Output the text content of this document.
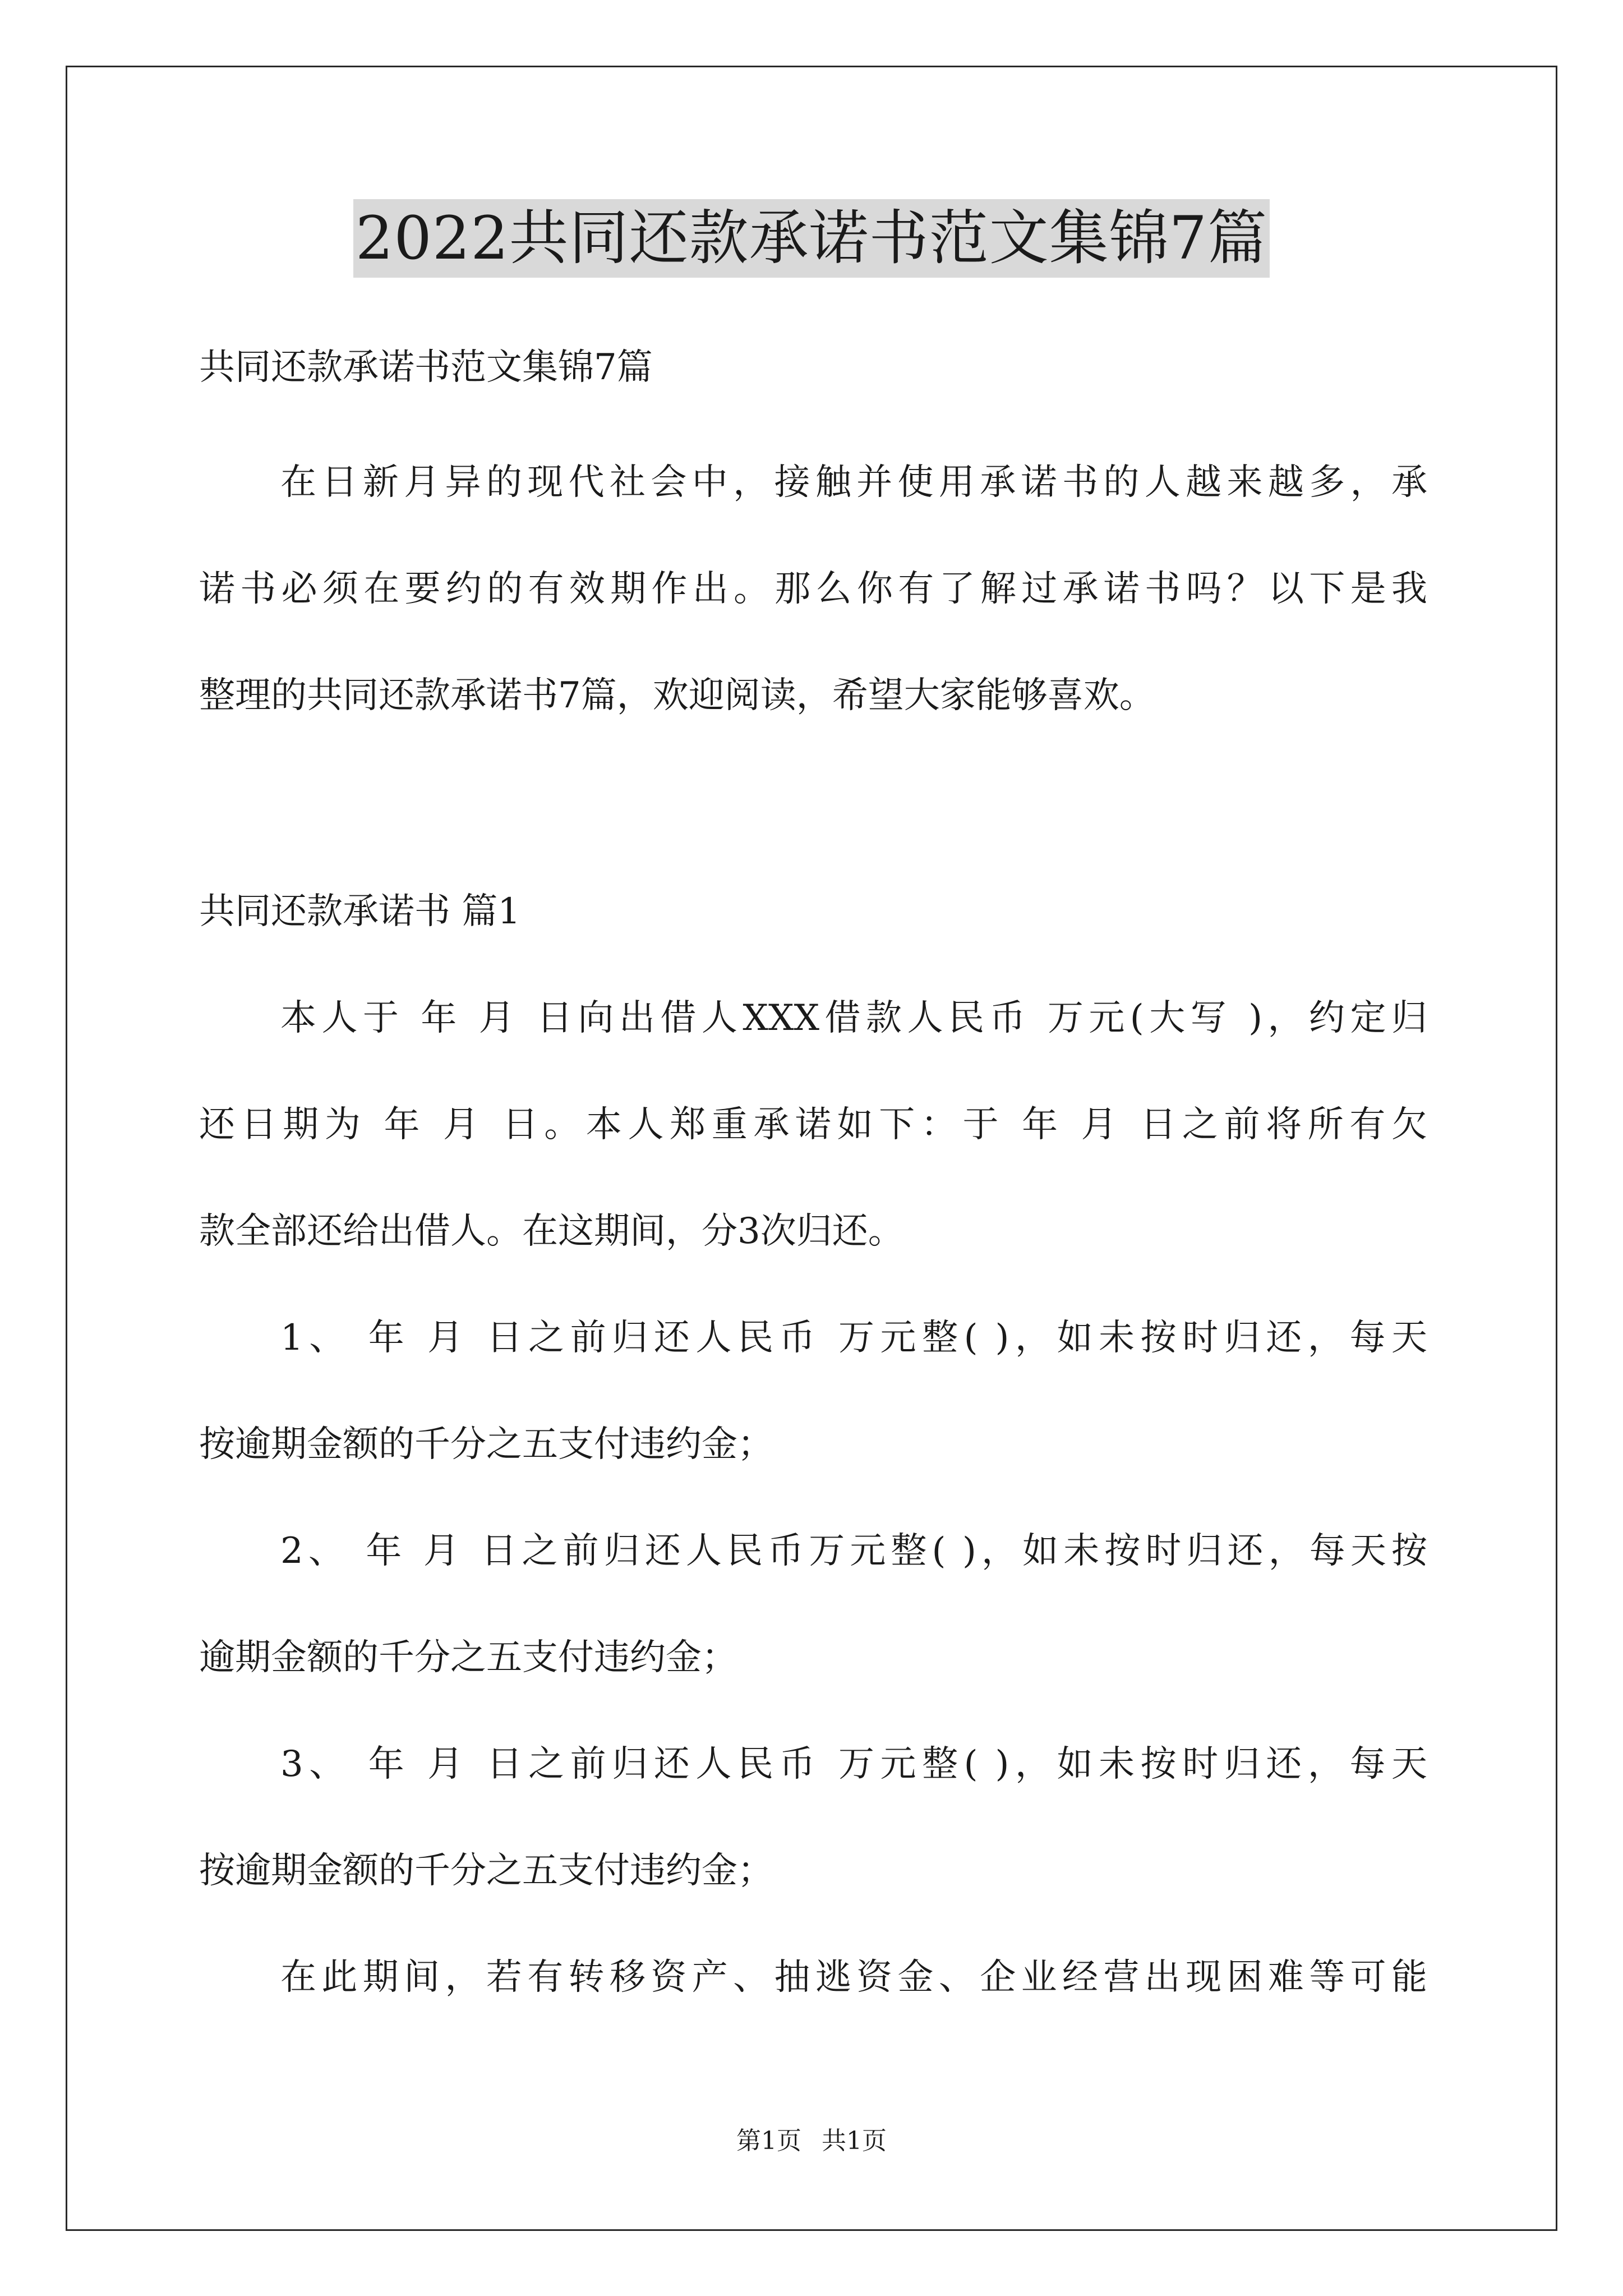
2022共同还款承诺书范文集锦7篇
共同还款承诺书范文集锦7篇
在日新月异的现代社会中，接触并使用承诺书的人越来越多，承
诺书必须在要约的有效期作出。那么你有了解过承诺书吗？以下是我
整理的共同还款承诺书7篇，欢迎阅读，希望大家能够喜欢。
共同还款承诺书 篇1
本人于 年 月 日向出借人XXX借款人民币 万元(大写 )，约定归
还日期为 年 月 日。本人郑重承诺如下：于 年 月 日之前将所有欠
款全部还给出借人。在这期间，分3次归还。
1、 年 月 日之前归还人民币 万元整( )，如未按时归还，每天
按逾期金额的千分之五支付违约金；
2、 年 月 日之前归还人民币万元整( )，如未按时归还，每天按
逾期金额的千分之五支付违约金；
3、 年 月 日之前归还人民币 万元整( )，如未按时归还，每天
按逾期金额的千分之五支付违约金；
在此期间，若有转移资产、抽逃资金、企业经营出现困难等可能
第1页 共1页
